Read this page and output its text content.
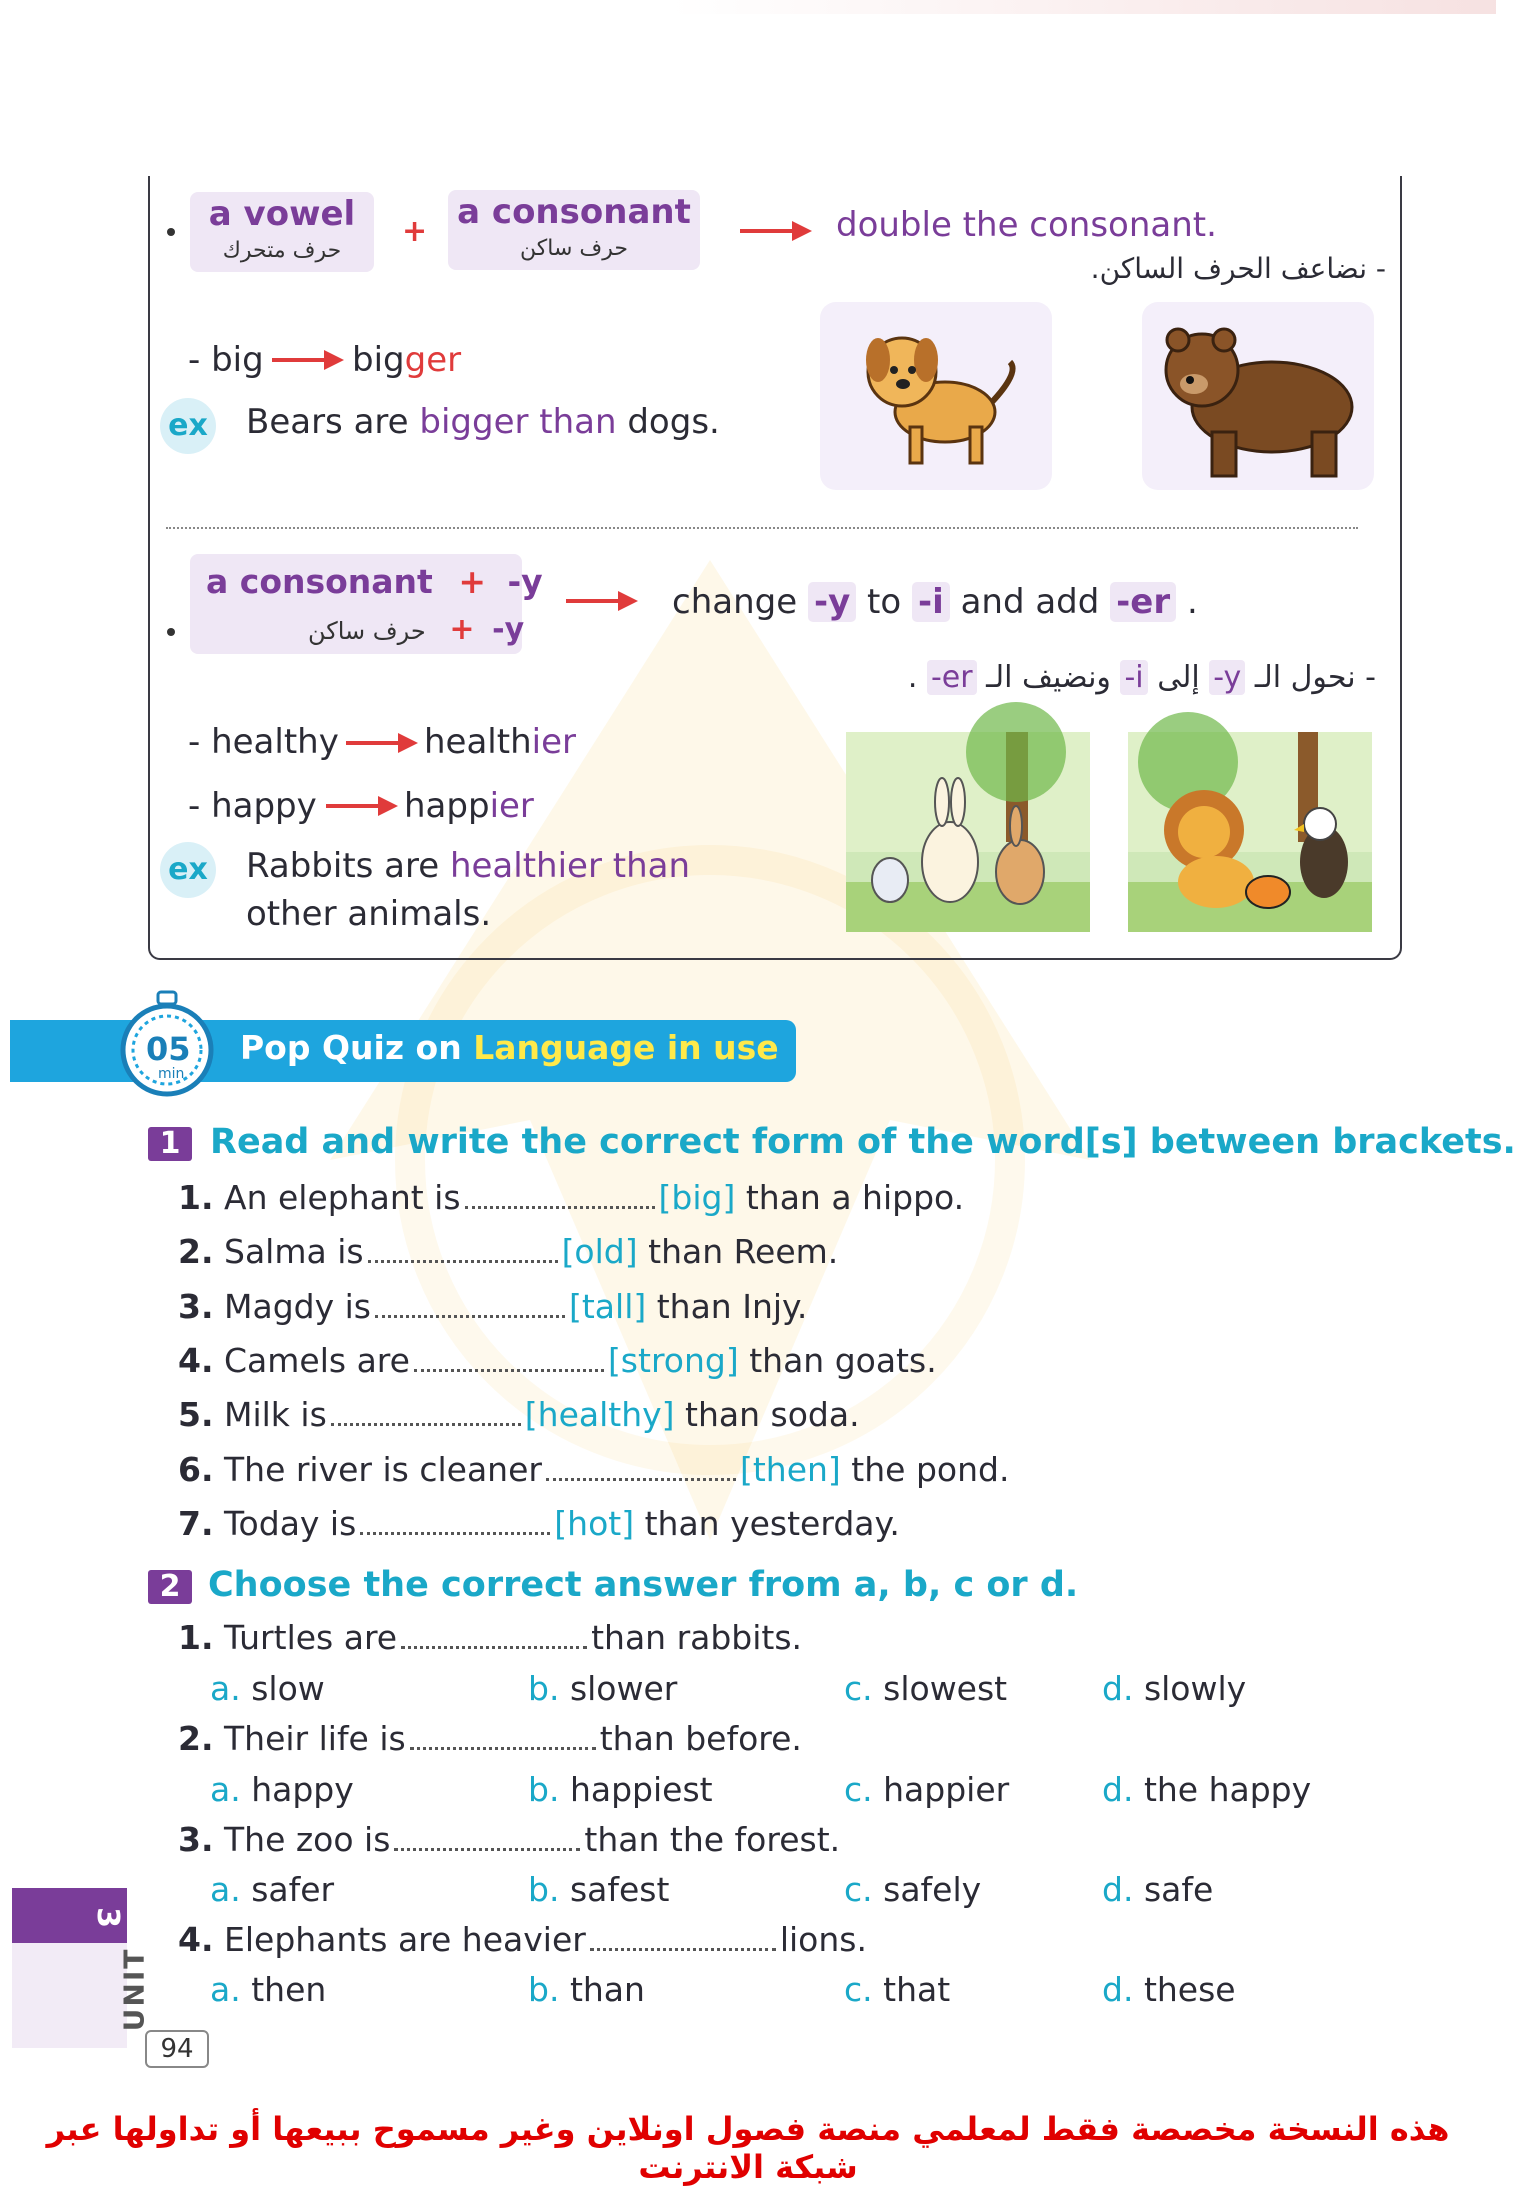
a vowel
حرف متحرك
+ a consonant
حرف ساكن
double the consonant.
- نضاعف الحرف الساكن.
- big	bigger
ex Bears are bigger than dogs.
a consonant + -y
حرف ساكن + -y
change -y to -i and add -er .
- نحول الـ -y إلى -i ونضيف الـ -er .
- healthy	healthier
- happy	happier
ex Rabbits are healthier than
other animals.
05
min
Pop Quiz on Language in use
1 Read and write the correct form of the word[s] between brackets.
1. An elephant is	[big] than a hippo.
2. Salma is	[old] than Reem.
3. Magdy is	[tall] than Injy.
4. Camels are	[strong] than goats.
5. Milk is	[healthy] than soda.
6. The river is cleaner	[then] the pond.
7. Today is	[hot] than yesterday.
2 Choose the correct answer from a, b, c or d.
1. Turtles are	than rabbits.
a. slow	b. slower	c. slowest	d. slowly
2. Their life is	than before.
a. happy	b. happiest	c. happier	d. the happy
3. The zoo is	than the forest.
a. safer	b. safest	c. safely	d. safe
4. Elephants are heavier	lions.
a. then	b. than	c. that	d. these
3
UNIT
94
هذه النسخة مخصصة فقط لمعلمي منصة فصول اونلاين وغير مسموح ببيعها أو تداولها عبر شبكة الانترنت
